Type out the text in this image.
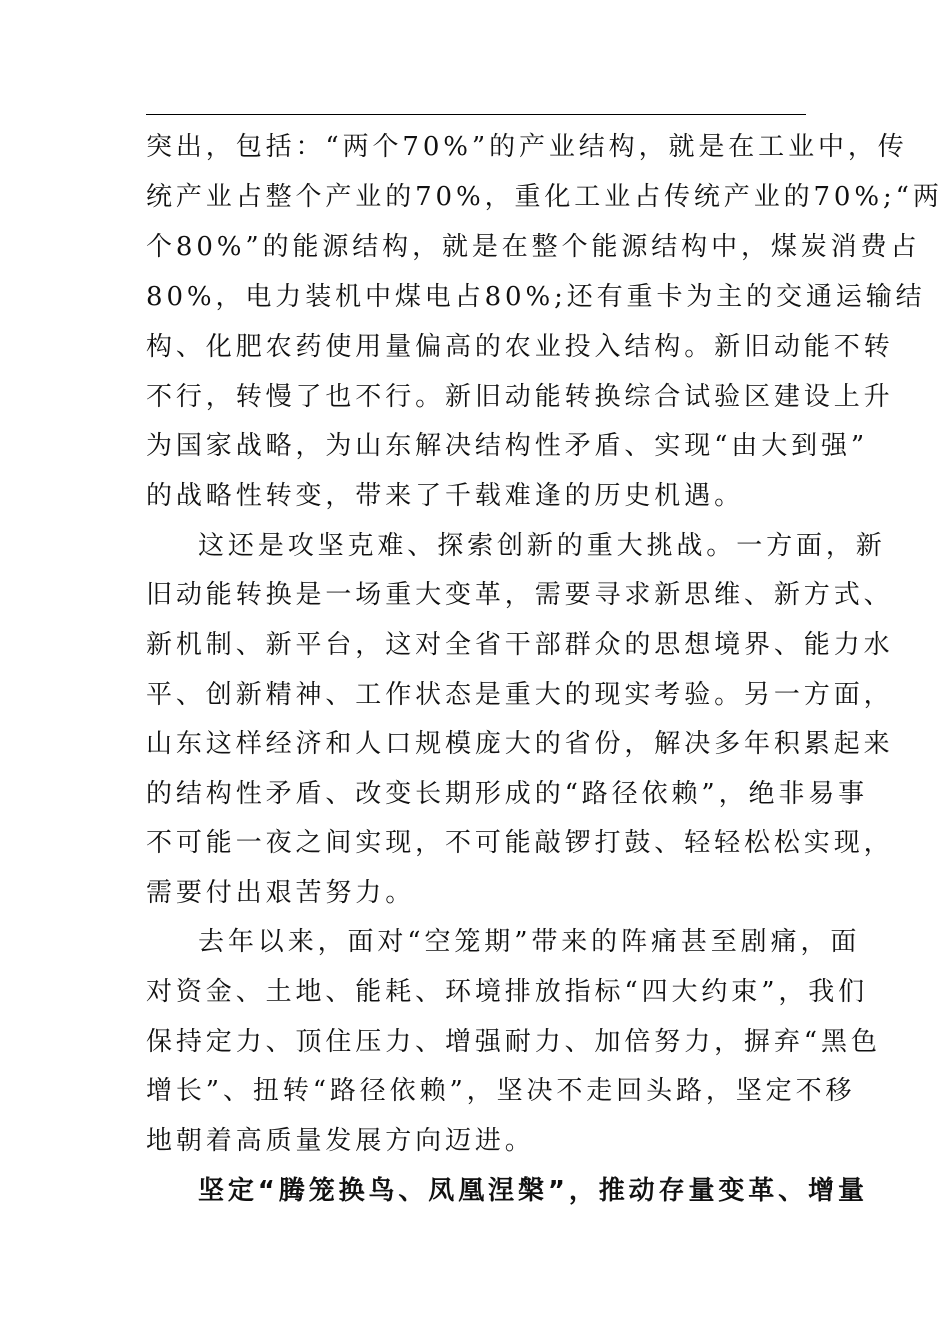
突出，包括：“两个70%”的产业结构，就是在工业中，传
统产业占整个产业的70%，重化工业占传统产业的70%;“两
个80%”的能源结构，就是在整个能源结构中，煤炭消费占
80%，电力装机中煤电占80%;还有重卡为主的交通运输结
构、化肥农药使用量偏高的农业投入结构。新旧动能不转
不行，转慢了也不行。新旧动能转换综合试验区建设上升
为国家战略，为山东解决结构性矛盾、实现“由大到强”
的战略性转变，带来了千载难逢的历史机遇。
这还是攻坚克难、探索创新的重大挑战。一方面，新
旧动能转换是一场重大变革，需要寻求新思维、新方式、
新机制、新平台，这对全省干部群众的思想境界、能力水
平、创新精神、工作状态是重大的现实考验。另一方面，
山东这样经济和人口规模庞大的省份，解决多年积累起来
的结构性矛盾、改变长期形成的“路径依赖”，绝非易事
不可能一夜之间实现，不可能敲锣打鼓、轻轻松松实现，
需要付出艰苦努力。
去年以来，面对“空笼期”带来的阵痛甚至剧痛，面
对资金、土地、能耗、环境排放指标“四大约束”，我们
保持定力、顶住压力、增强耐力、加倍努力，摒弃“黑色
增长”、扭转“路径依赖”，坚决不走回头路，坚定不移
地朝着高质量发展方向迈进。
坚定“腾笼换鸟、凤凰涅槃”，推动存量变革、增量
